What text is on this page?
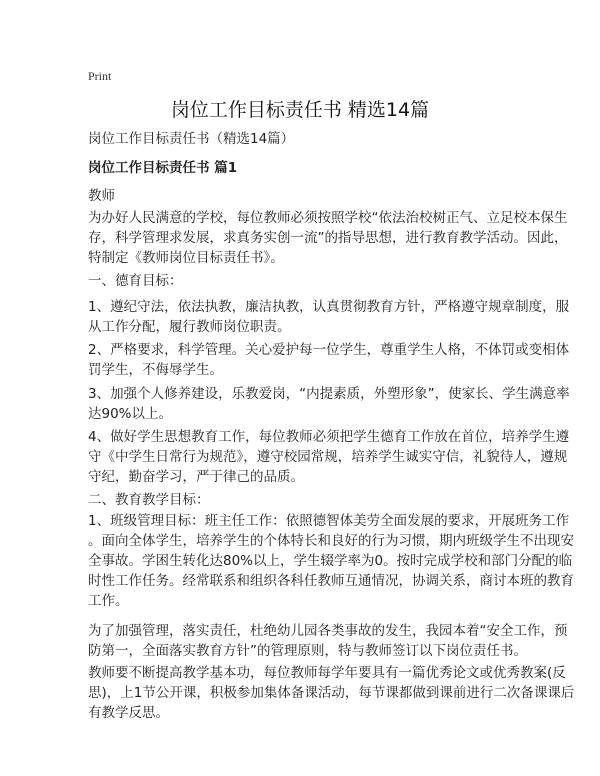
Print
岗位工作目标责任书 精选14篇
岗位工作目标责任书（精选14篇）
岗位工作目标责任书 篇1
教师
为办好人民满意的学校，每位教师必须按照学校“依法治校树正气、立足校本保生
存，科学管理求发展，求真务实创一流”的指导思想，进行教育教学活动。因此，
特制定《教师岗位目标责任书》。
一、德育目标：
1、遵纪守法，依法执教，廉洁执教，认真贯彻教育方针，严格遵守规章制度，服
从工作分配，履行教师岗位职责。
2、严格要求，科学管理。关心爱护每一位学生，尊重学生人格，不体罚或变相体
罚学生，不侮辱学生。
3、加强个人修养建设，乐教爱岗，“内提素质，外塑形象”，使家长、学生满意率
达90%以上。
4、做好学生思想教育工作，每位教师必须把学生德育工作放在首位，培养学生遵
守《中学生日常行为规范》，遵守校园常规，培养学生诚实守信，礼貌待人，遵规
守纪，勤奋学习，严于律己的品质。
二、教育教学目标：
1、班级管理目标：班主任工作：依照德智体美劳全面发展的要求，开展班务工作
。面向全体学生，培养学生的个体特长和良好的行为习惯，期内班级学生不出现安
全事故。学困生转化达80%以上，学生辍学率为0。按时完成学校和部门分配的临
时性工作任务。经常联系和组织各科任教师互通情况，协调关系，商讨本班的教育
工作。
为了加强管理，落实责任，杜绝幼儿园各类事故的发生，我园本着“安全工作，预
防第一，全面落实教育方针”的管理原则，特与教师签订以下岗位责任书。
教师要不断提高教学基本功，每位教师每学年要具有一篇优秀论文或优秀教案(反
思)，上1节公开课，积极参加集体备课活动，每节课都做到课前进行二次备课课后
有教学反思。
